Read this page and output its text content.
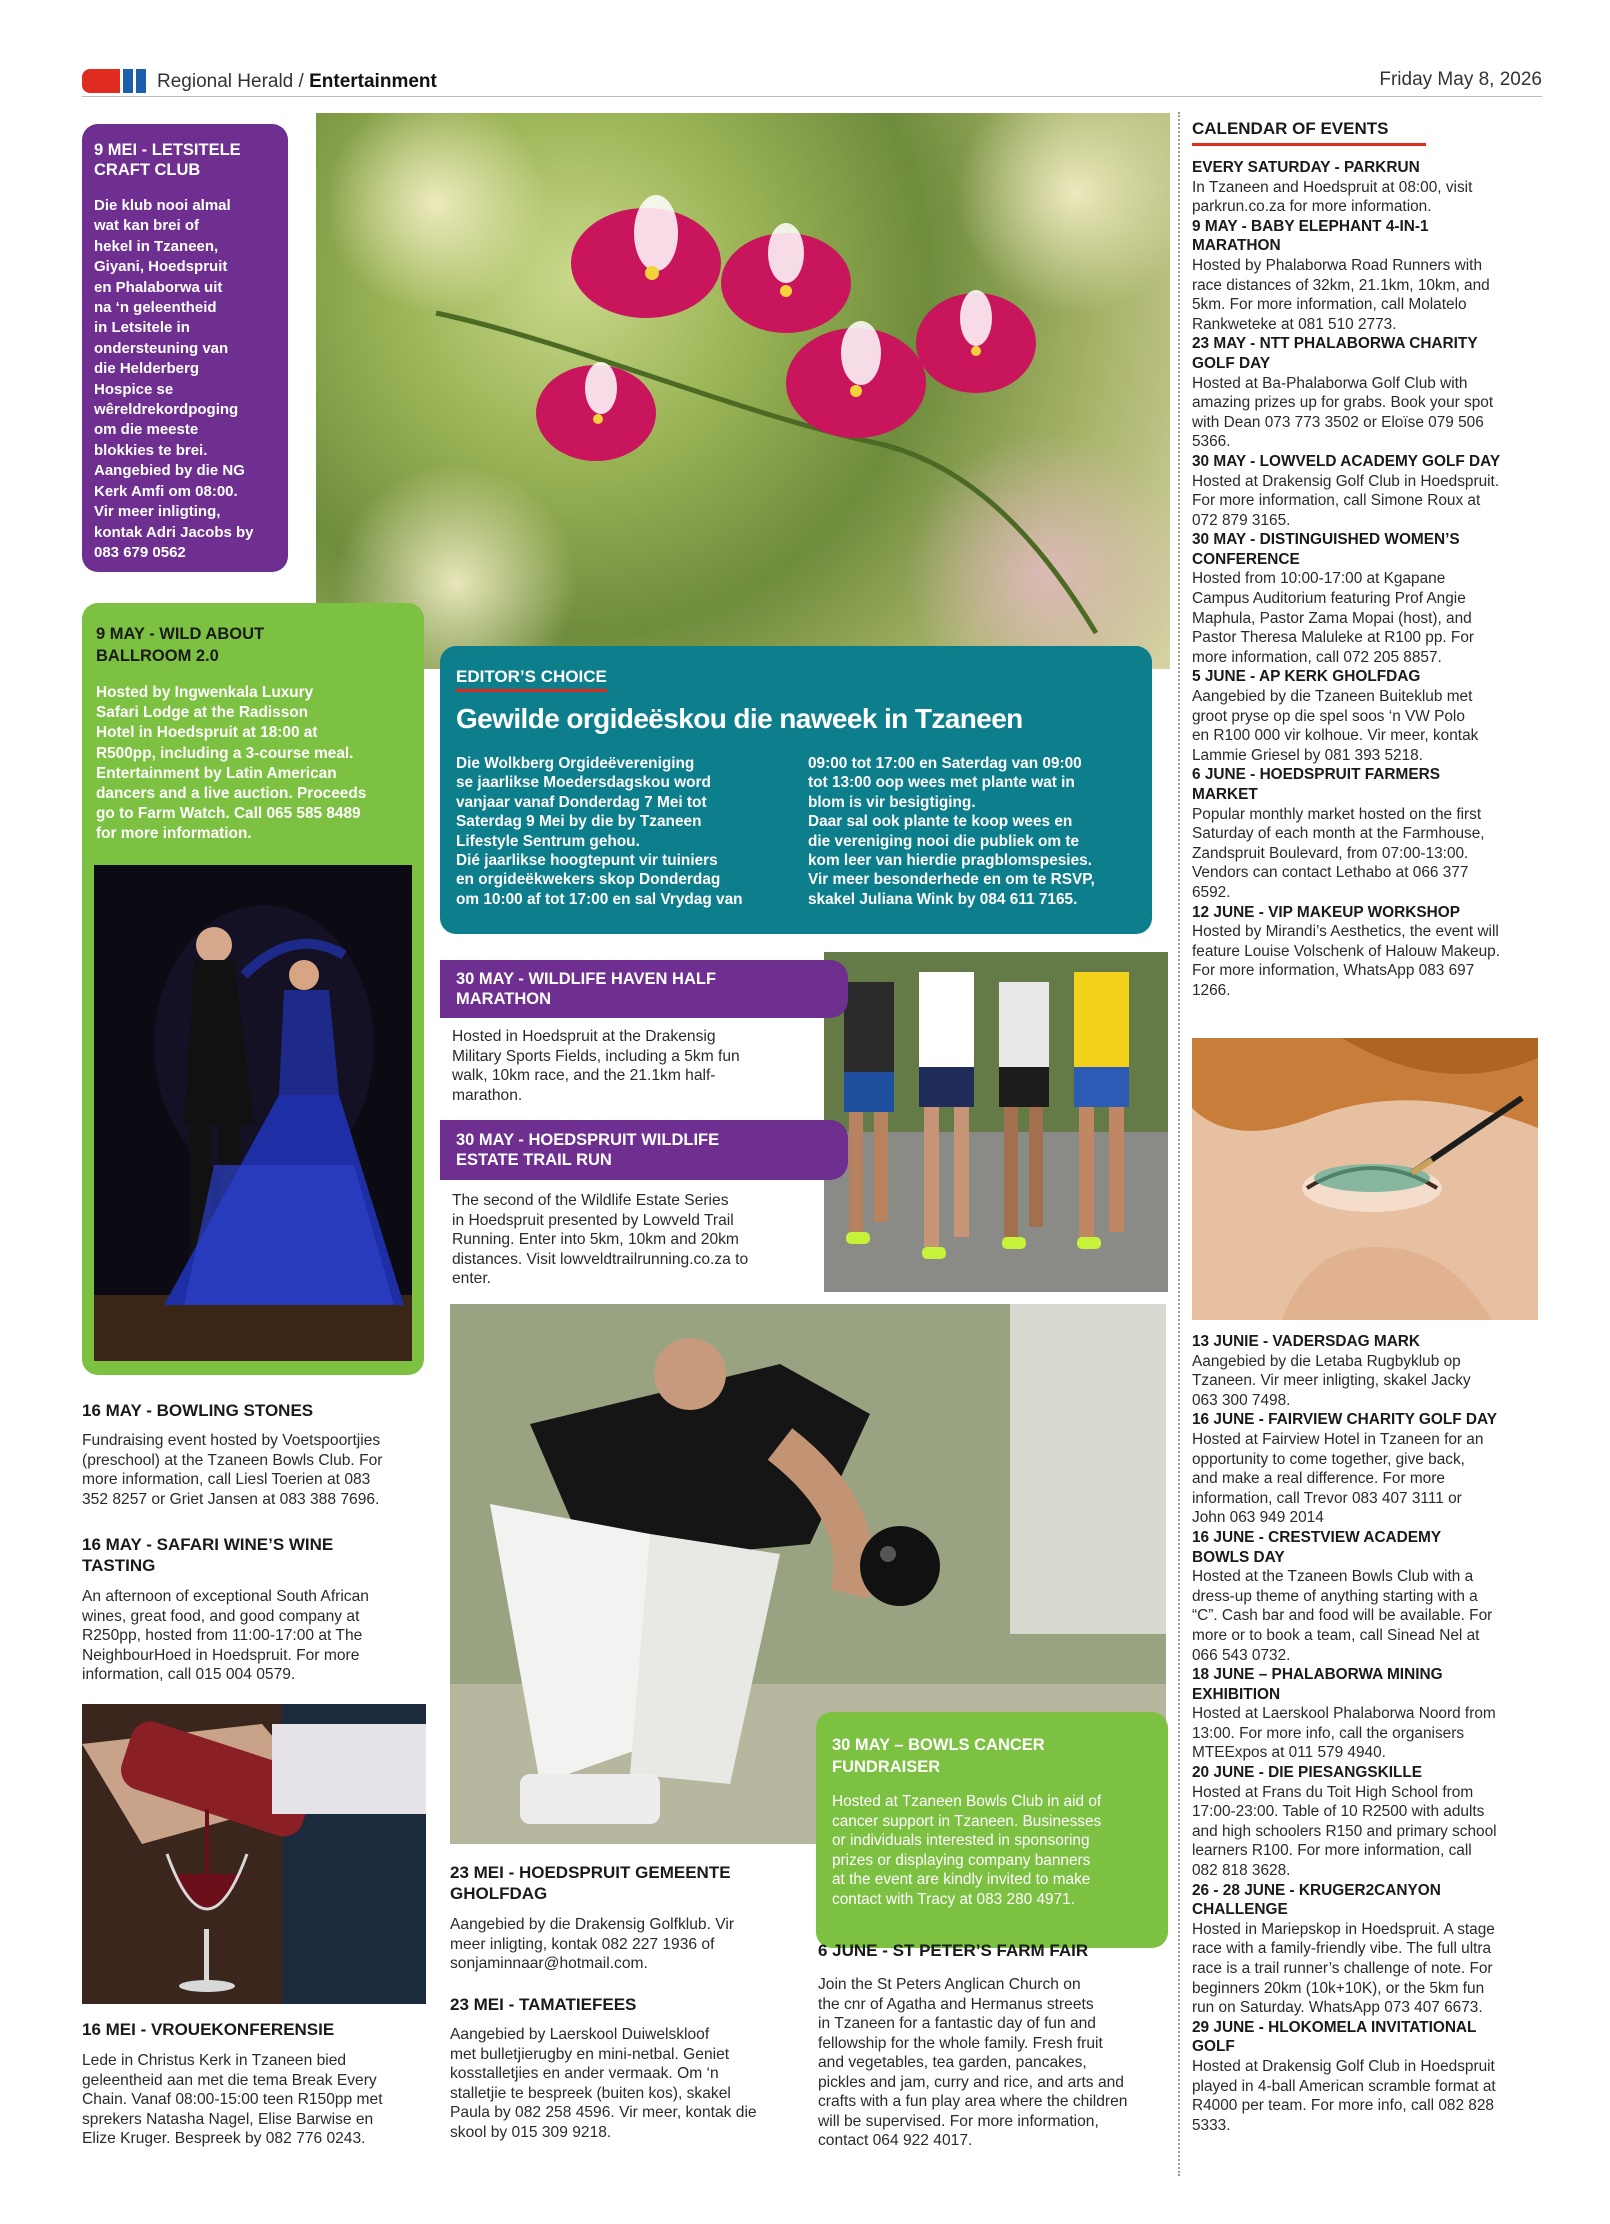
Regional Herald / Entertainment	Friday May 8, 2026
9 MEI - LETSITELE
CRAFT CLUB
Die klub nooi almal
wat kan brei of
hekel in Tzaneen,
Giyani, Hoedspruit
en Phalaborwa uit
na ‘n geleentheid
in Letsitele in
ondersteuning van
die Helderberg
Hospice se
wêreldrekordpoging
om die meeste
blokkies te brei.
Aangebied by die NG
Kerk Amfi om 08:00.
Vir meer inligting,
kontak Adri Jacobs by
083 679 0562
9 MAY - WILD ABOUT
BALLROOM 2.0
Hosted by Ingwenkala Luxury
Safari Lodge at the Radisson
Hotel in Hoedspruit at 18:00 at
R500pp, including a 3-course meal.
Entertainment by Latin American
dancers and a live auction. Proceeds
go to Farm Watch. Call 065 585 8489
for more information.
EDITOR’S CHOICE
Gewilde orgideëskou die naweek in Tzaneen
Die Wolkberg Orgideëvereniging
se jaarlikse Moedersdagskou word
vanjaar vanaf Donderdag 7 Mei tot
Saterdag 9 Mei by die by Tzaneen
Lifestyle Sentrum gehou.
Dié jaarlikse hoogtepunt vir tuiniers
en orgideëkwekers skop Donderdag
om 10:00 af tot 17:00 en sal Vrydag van
09:00 tot 17:00 en Saterdag van 09:00
tot 13:00 oop wees met plante wat in
blom is vir besigtiging.
Daar sal ook plante te koop wees en
die vereniging nooi die publiek om te
kom leer van hierdie pragblomspesies.
Vir meer besonderhede en om te RSVP,
skakel Juliana Wink by 084 611 7165.
30 MAY - WILDLIFE HAVEN HALF
MARATHON
Hosted in Hoedspruit at the Drakensig
Military Sports Fields, including a 5km fun
walk, 10km race, and the 21.1km half-
marathon.
30 MAY - HOEDSPRUIT WILDLIFE
ESTATE TRAIL RUN
The second of the Wildlife Estate Series
in Hoedspruit presented by Lowveld Trail
Running. Enter into 5km, 10km and 20km
distances. Visit lowveldtrailrunning.co.za to
enter.
30 MAY – BOWLS CANCER
FUNDRAISER
Hosted at Tzaneen Bowls Club in aid of
cancer support in Tzaneen. Businesses
or individuals interested in sponsoring
prizes or displaying company banners
at the event are kindly invited to make
contact with Tracy at 083 280 4971.
16 MAY - BOWLING STONES
Fundraising event hosted by Voetspoortjies
(preschool) at the Tzaneen Bowls Club. For
more information, call Liesl Toerien at 083
352 8257 or Griet Jansen at 083 388 7696.
16 MAY - SAFARI WINE’S WINE
TASTING
An afternoon of exceptional South African
wines, great food, and good company at
R250pp, hosted from 11:00-17:00 at The
NeighbourHoed in Hoedspruit. For more
information, call 015 004 0579.
16 MEI - VROUEKONFERENSIE
Lede in Christus Kerk in Tzaneen bied
geleentheid aan met die tema Break Every
Chain. Vanaf 08:00-15:00 teen R150pp met
sprekers Natasha Nagel, Elise Barwise en
Elize Kruger. Bespreek by 082 776 0243.
23 MEI - HOEDSPRUIT GEMEENTE
GHOLFDAG
Aangebied by die Drakensig Golfklub. Vir
meer inligting, kontak 082 227 1936 of
sonjaminnaar@hotmail.com.
23 MEI - TAMATIEFEES
Aangebied by Laerskool Duiwelskloof
met bulletjierugby en mini-netbal. Geniet
kosstalletjies en ander vermaak. Om ‘n
stalletjie te bespreek (buiten kos), skakel
Paula by 082 258 4596. Vir meer, kontak die
skool by 015 309 9218.
6 JUNE - ST PETER’S FARM FAIR
Join the St Peters Anglican Church on
the cnr of Agatha and Hermanus streets
in Tzaneen for a fantastic day of fun and
fellowship for the whole family. Fresh fruit
and vegetables, tea garden, pancakes,
pickles and jam, curry and rice, and arts and
crafts with a fun play area where the children
will be supervised. For more information,
contact 064 922 4017.
CALENDAR OF EVENTS
EVERY SATURDAY - PARKRUN
In Tzaneen and Hoedspruit at 08:00, visit
parkrun.co.za for more information.
9 MAY - BABY ELEPHANT 4-IN-1
MARATHON
Hosted by Phalaborwa Road Runners with
race distances of 32km, 21.1km, 10km, and
5km. For more information, call Molatelo
Rankweteke at 081 510 2773.
23 MAY - NTT PHALABORWA CHARITY
GOLF DAY
Hosted at Ba-Phalaborwa Golf Club with
amazing prizes up for grabs. Book your spot
with Dean 073 773 3502 or Eloïse 079 506
5366.
30 MAY - LOWVELD ACADEMY GOLF DAY
Hosted at Drakensig Golf Club in Hoedspruit.
For more information, call Simone Roux at
072 879 3165.
30 MAY - DISTINGUISHED WOMEN’S
CONFERENCE
Hosted from 10:00-17:00 at Kgapane
Campus Auditorium featuring Prof Angie
Maphula, Pastor Zama Mopai (host), and
Pastor Theresa Maluleke at R100 pp. For
more information, call 072 205 8857.
5 JUNE - AP KERK GHOLFDAG
Aangebied by die Tzaneen Buiteklub met
groot pryse op die spel soos ‘n VW Polo
en R100 000 vir kolhoue. Vir meer, kontak
Lammie Griesel by 081 393 5218.
6 JUNE - HOEDSPRUIT FARMERS
MARKET
Popular monthly market hosted on the first
Saturday of each month at the Farmhouse,
Zandspruit Boulevard, from 07:00-13:00.
Vendors can contact Lethabo at 066 377
6592.
12 JUNE - VIP MAKEUP WORKSHOP
Hosted by Mirandi’s Aesthetics, the event will
feature Louise Volschenk of Halouw Makeup.
For more information, WhatsApp 083 697
1266.
13 JUNIE - VADERSDAG MARK
Aangebied by die Letaba Rugbyklub op
Tzaneen. Vir meer inligting, skakel Jacky
063 300 7498.
16 JUNE - FAIRVIEW CHARITY GOLF DAY
Hosted at Fairview Hotel in Tzaneen for an
opportunity to come together, give back,
and make a real difference. For more
information, call Trevor 083 407 3111 or
John 063 949 2014
16 JUNE - CRESTVIEW ACADEMY
BOWLS DAY
Hosted at the Tzaneen Bowls Club with a
dress-up theme of anything starting with a
“C”. Cash bar and food will be available. For
more or to book a team, call Sinead Nel at
066 543 0732.
18 JUNE – PHALABORWA MINING
EXHIBITION
Hosted at Laerskool Phalaborwa Noord from
13:00. For more info, call the organisers
MTEExpos at 011 579 4940.
20 JUNE - DIE PIESANGSKILLE
Hosted at Frans du Toit High School from
17:00-23:00. Table of 10 R2500 with adults
and high schoolers R150 and primary school
learners R100. For more information, call
082 818 3628.
26 - 28 JUNE - KRUGER2CANYON
CHALLENGE
Hosted in Mariepskop in Hoedspruit. A stage
race with a family-friendly vibe. The full ultra
race is a trail runner’s challenge of note. For
beginners 20km (10k+10K), or the 5km fun
run on Saturday. WhatsApp 073 407 6673.
29 JUNE - HLOKOMELA INVITATIONAL
GOLF
Hosted at Drakensig Golf Club in Hoedspruit
played in 4-ball American scramble format at
R4000 per team. For more info, call 082 828
5333.
